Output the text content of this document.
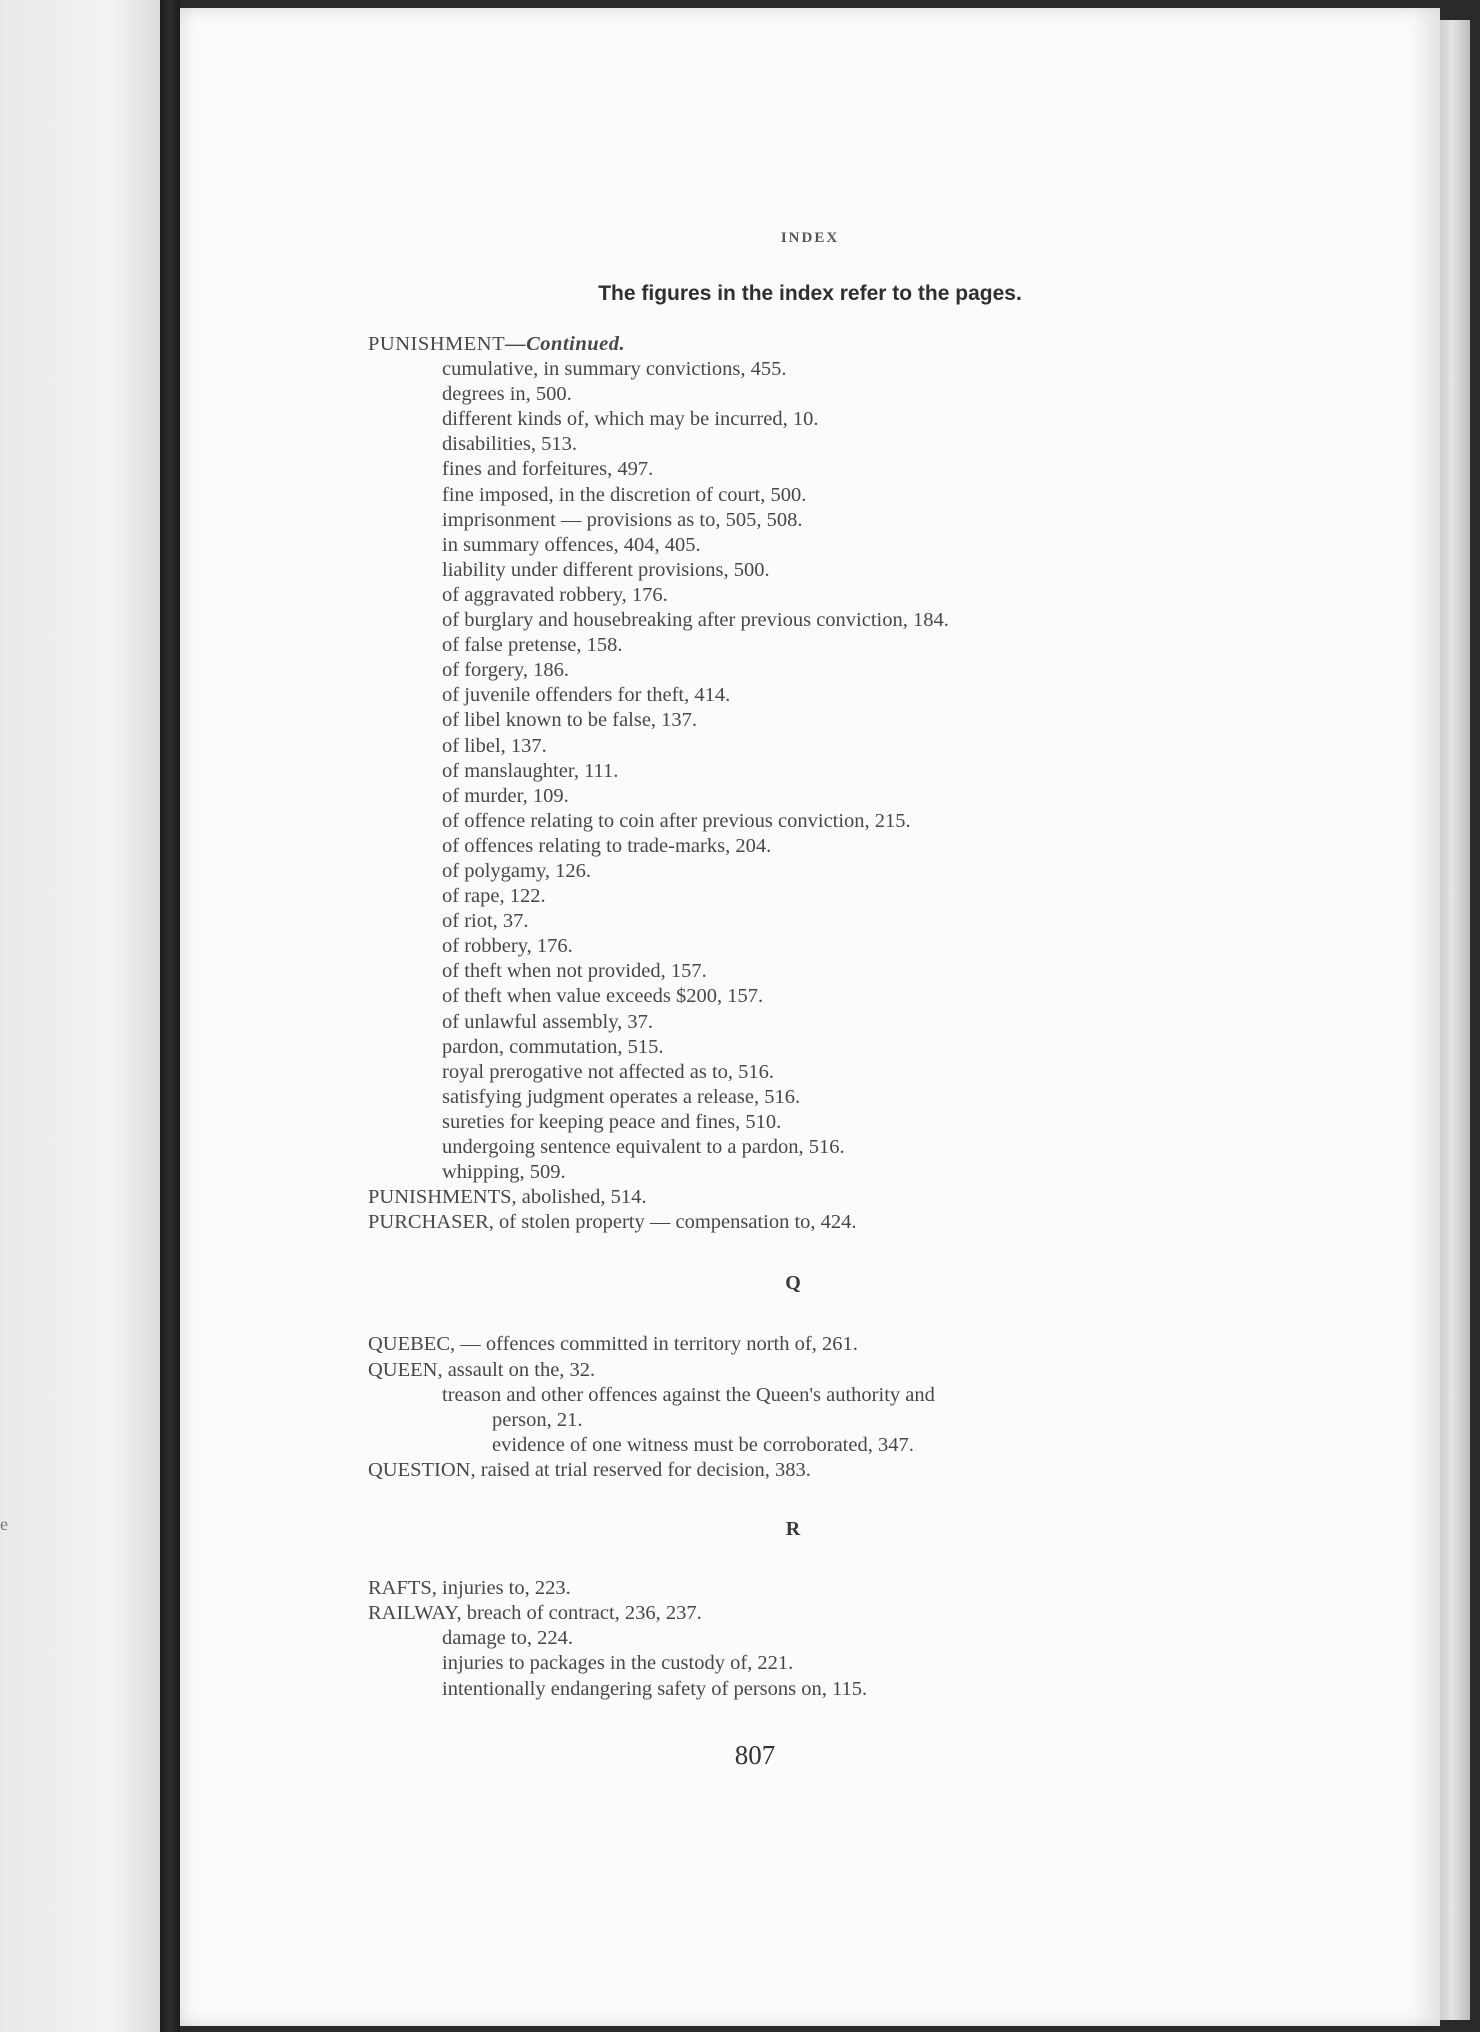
e
INDEX
The figures in the index refer to the pages.
PUNISHMENT—Continued.
cumulative, in summary convictions, 455.
degrees in, 500.
different kinds of, which may be incurred, 10.
disabilities, 513.
fines and forfeitures, 497.
fine imposed, in the discretion of court, 500.
imprisonment — provisions as to, 505, 508.
in summary offences, 404, 405.
liability under different provisions, 500.
of aggravated robbery, 176.
of burglary and housebreaking after previous conviction, 184.
of false pretense, 158.
of forgery, 186.
of juvenile offenders for theft, 414.
of libel known to be false, 137.
of libel, 137.
of manslaughter, 111.
of murder, 109.
of offence relating to coin after previous conviction, 215.
of offences relating to trade-marks, 204.
of polygamy, 126.
of rape, 122.
of riot, 37.
of robbery, 176.
of theft when not provided, 157.
of theft when value exceeds $200, 157.
of unlawful assembly, 37.
pardon, commutation, 515.
royal prerogative not affected as to, 516.
satisfying judgment operates a release, 516.
sureties for keeping peace and fines, 510.
undergoing sentence equivalent to a pardon, 516.
whipping, 509.
PUNISHMENTS, abolished, 514.
PURCHASER, of stolen property — compensation to, 424.
Q
QUEBEC, — offences committed in territory north of, 261.
QUEEN, assault on the, 32.
treason and other offences against the Queen's authority and
person, 21.
evidence of one witness must be corroborated, 347.
QUESTION, raised at trial reserved for decision, 383.
R
RAFTS, injuries to, 223.
RAILWAY, breach of contract, 236, 237.
damage to, 224.
injuries to packages in the custody of, 221.
intentionally endangering safety of persons on, 115.
807
